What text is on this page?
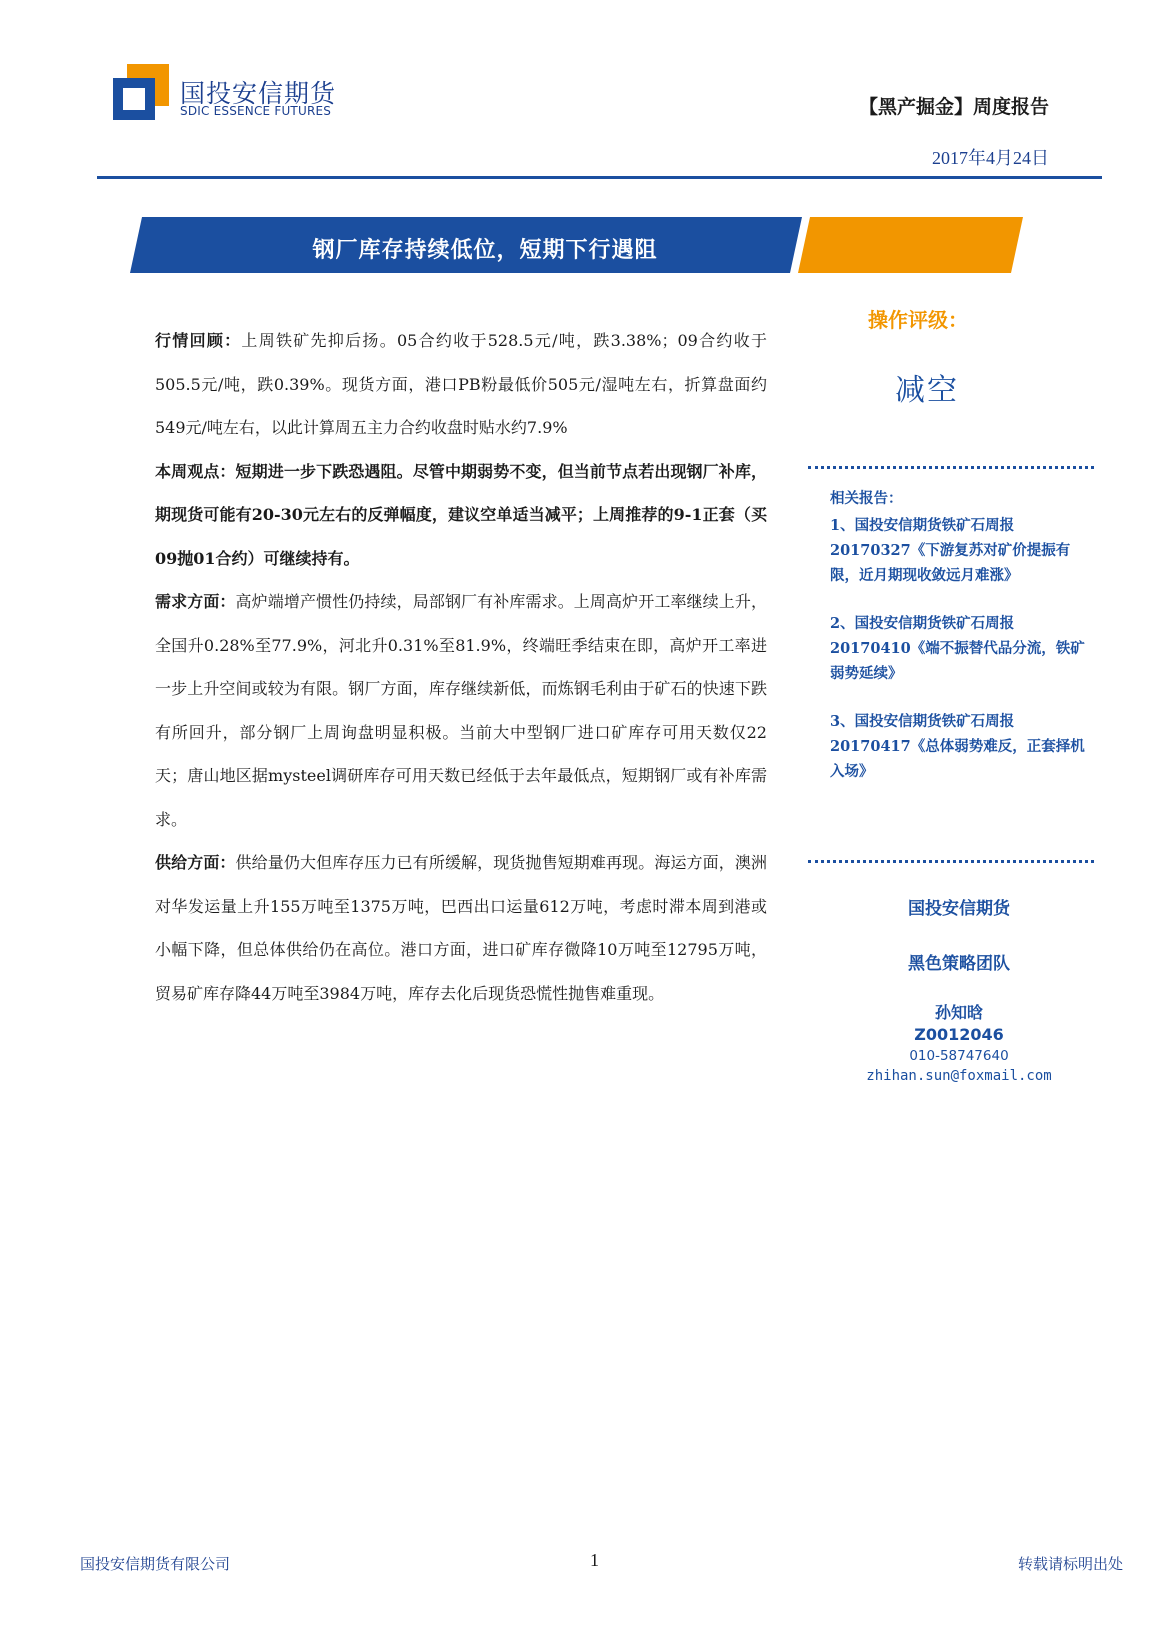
国投安信期货
SDIC ESSENCE FUTURES	【黑产掘金】周度报告
2017年4月24日
钢厂库存持续低位，短期下行遇阻

行情回顾：上周铁矿先抑后扬。05合约收于528.5元/吨，跌3.38%；09合约收于505.5元/吨，跌0.39%。现货方面，港口PB粉最低价505元/湿吨左右，折算盘面约549元/吨左右，以此计算周五主力合约收盘时贴水约7.9%

本周观点：短期进一步下跌恐遇阻。尽管中期弱势不变，但当前节点若出现钢厂补库，期现货可能有20-30元左右的反弹幅度，建议空单适当减平；上周推荐的9-1正套（买09抛01合约）可继续持有。

需求方面：高炉端增产惯性仍持续，局部钢厂有补库需求。上周高炉开工率继续上升，全国升0.28%至77.9%，河北升0.31%至81.9%，终端旺季结束在即，高炉开工率进一步上升空间或较为有限。钢厂方面，库存继续新低，而炼钢毛利由于矿石的快速下跌有所回升，部分钢厂上周询盘明显积极。当前大中型钢厂进口矿库存可用天数仅22天；唐山地区据mysteel调研库存可用天数已经低于去年最低点，短期钢厂或有补库需求。

供给方面：供给量仍大但库存压力已有所缓解，现货抛售短期难再现。海运方面，澳洲对华发运量上升155万吨至1375万吨，巴西出口运量612万吨，考虑时滞本周到港或小幅下降，但总体供给仍在高位。港口方面，进口矿库存微降10万吨至12795万吨，贸易矿库存降44万吨至3984万吨，库存去化后现货恐慌性抛售难重现。

操作评级：
减空

相关报告：

1、国投安信期货铁矿石周报 20170327《下游复苏对矿价提振有限，近月期现收敛远月难涨》

2、国投安信期货铁矿石周报 20170410《端不振替代品分流，铁矿弱势延续》

3、国投安信期货铁矿石周报 20170417《总体弱势难反，正套择机入场》

国投安信期货
黑色策略团队
孙知晗
Z0012046
010-58747640
zhihan.sun@foxmail.com
国投安信期货有限公司	1	转载请标明出处
